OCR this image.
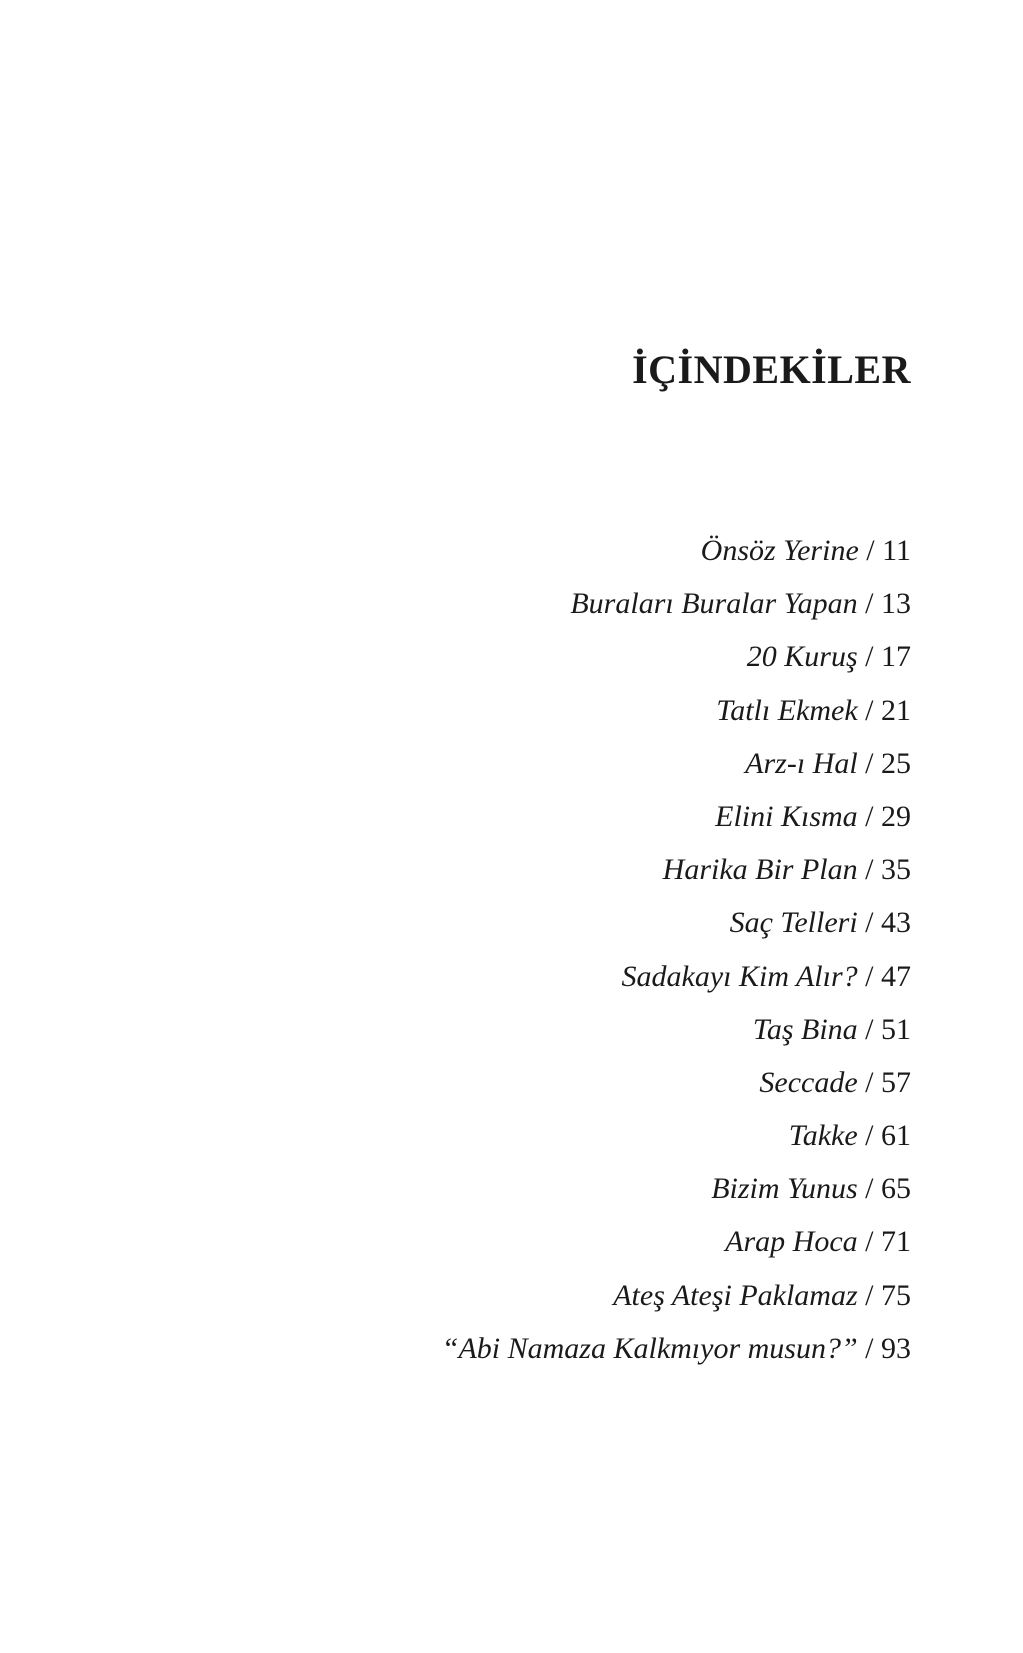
İÇİNDEKİLER
Önsöz Yerine / 11
Buraları Buralar Yapan / 13
20 Kuruş / 17
Tatlı Ekmek / 21
Arz-ı Hal / 25
Elini Kısma / 29
Harika Bir Plan / 35
Saç Telleri / 43
Sadakayı Kim Alır? / 47
Taş Bina / 51
Seccade / 57
Takke / 61
Bizim Yunus / 65
Arap Hoca / 71
Ateş Ateşi Paklamaz / 75
“Abi Namaza Kalkmıyor musun?” / 93
